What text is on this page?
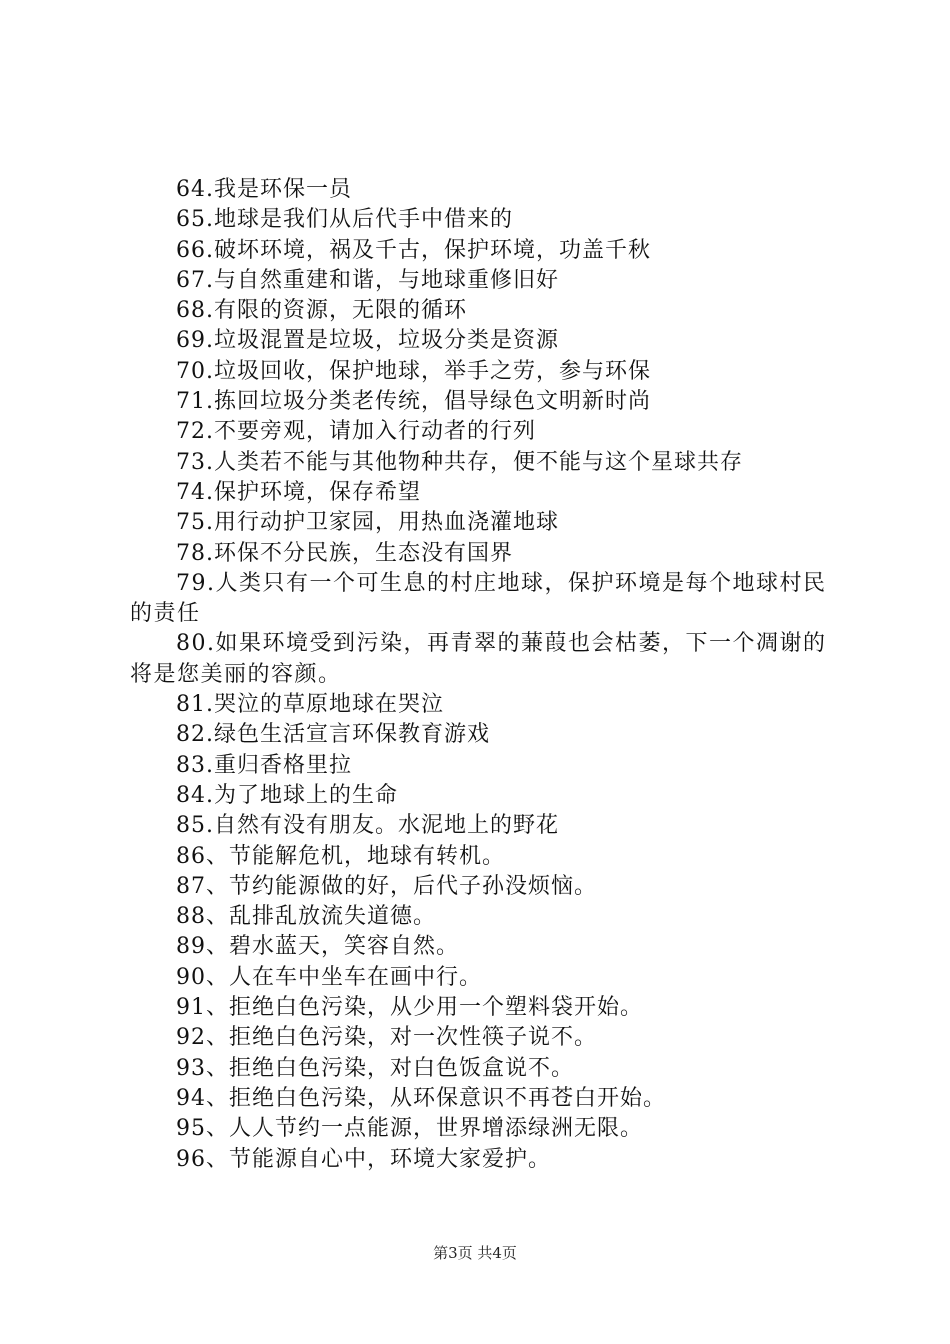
64.我是环保一员
65.地球是我们从后代手中借来的
66.破坏环境，祸及千古，保护环境，功盖千秋
67.与自然重建和谐，与地球重修旧好
68.有限的资源，无限的循环
69.垃圾混置是垃圾，垃圾分类是资源
70.垃圾回收，保护地球，举手之劳，参与环保
71.拣回垃圾分类老传统，倡导绿色文明新时尚
72.不要旁观，请加入行动者的行列
73.人类若不能与其他物种共存，便不能与这个星球共存
74.保护环境，保存希望
75.用行动护卫家园，用热血浇灌地球
78.环保不分民族，生态没有国界
79.人类只有一个可生息的村庄地球，保护环境是每个地球村民的责任
80.如果环境受到污染，再青翠的蒹葭也会枯萎，下一个凋谢的将是您美丽的容颜。
81.哭泣的草原地球在哭泣
82.绿色生活宣言环保教育游戏
83.重归香格里拉
84.为了地球上的生命
85.自然有没有朋友。水泥地上的野花
86、节能解危机，地球有转机。
87、节约能源做的好，后代子孙没烦恼。
88、乱排乱放流失道德。
89、碧水蓝天，笑容自然。
90、人在车中坐车在画中行。
91、拒绝白色污染，从少用一个塑料袋开始。
92、拒绝白色污染，对一次性筷子说不。
93、拒绝白色污染，对白色饭盒说不。
94、拒绝白色污染，从环保意识不再苍白开始。
95、人人节约一点能源，世界增添绿洲无限。
96、节能源自心中，环境大家爱护。
第3页 共4页
